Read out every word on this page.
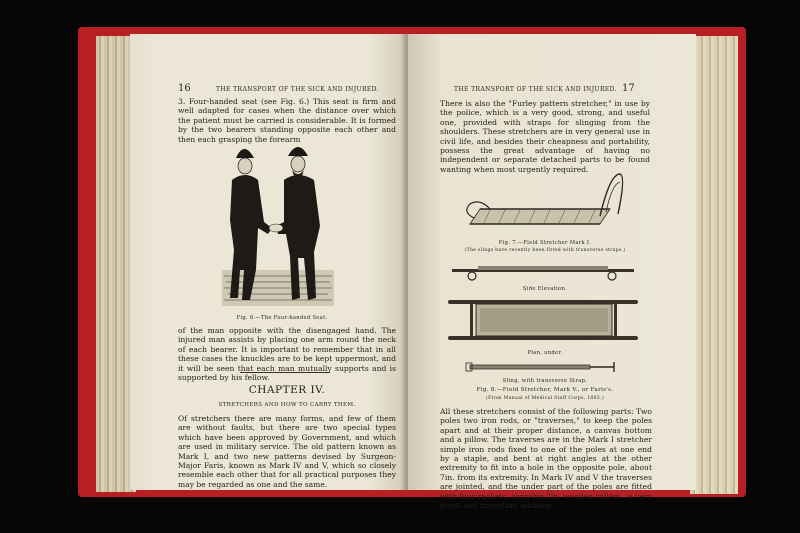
16	THE TRANSPORT OF THE SICK AND INJURED.

3. Four-handed seat (see Fig. 6.) This seat is firm and well adapted for cases when the distance over which the patient must be carried is considerable. It is formed by the two bearers standing opposite each other and then each grasping the forearm

Fig. 6.—The Four-handed Seat.

of the man opposite with the disengaged hand. The injured man assists by placing one arm round the neck of each bearer. It is important to remember that in all these cases the knuckles are to be kept uppermost, and it will be seen that each man mutually supports and is supported by his fellow.

CHAPTER IV.
STRETCHERS AND HOW TO CARRY THEM.

Of stretchers there are many forms, and few of them are without faults, but there are two special types which have been approved by Government, and which are used in military service. The old pattern known as Mark I, and two new patterns devised by Surgeon-Major Faris, known as Mark IV and V, which so closely resemble each other that for all practical purposes they may be regarded as one and the same.

THE TRANSPORT OF THE SICK AND INJURED. 17

There is also the "Furley pattern stretcher," in use by the police, which is a very good, strong, and useful one, provided with straps for slinging from the shoulders. These stretchers are in very general use in civil life, and besides their cheapness and portability, possess the great advantage of having no independent or separate detached parts to be found wanting when most urgently required.

Fig. 7.—Field Stretcher Mark I.
(The slings have recently been fitted with transverse straps.)
Side Elevation.
Plan, under.
Sling, with transverse Strap.
Fig. 8.—Field Stretcher, Mark V., or Faris's.
(From Manual of Medical Staff Corps, 1885.)

All these stretchers consist of the following parts: Two poles two iron rods, or "traverses," to keep the poles apart and at their proper distance, a canvas bottom and a pillow. The traverses are in the Mark I stretcher simple iron rods fixed to one of the poles at one end by a staple, and bent at right angles at the other extremity to fit into a hole in the opposite pole, about 7in. from its extremity. In Mark IV and V the traverses are jointed, and the under part of the poles are fitted with four rackets, carrying 3in. wooden rollers—a very great and important addition,
